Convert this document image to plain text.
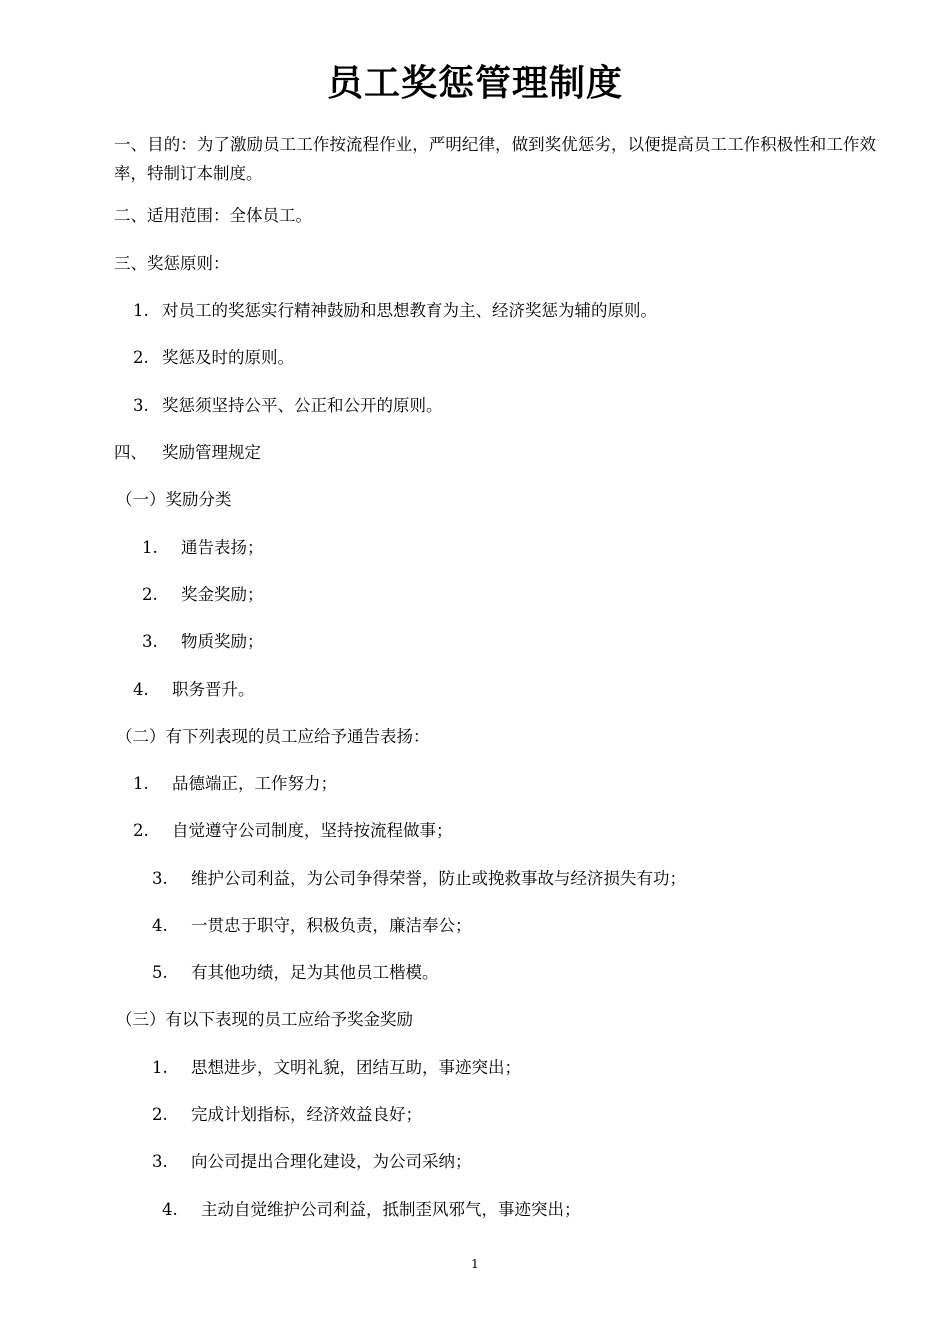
员工奖惩管理制度
一、目的：为了激励员工工作按流程作业，严明纪律，做到奖优惩劣，以便提高员工工作积极性和工作效率，特制订本制度。
二、适用范围：全体员工。
三、奖惩原则：
1. 对员工的奖惩实行精神鼓励和思想教育为主、经济奖惩为辅的原则。
2. 奖惩及时的原则。
3. 奖惩须坚持公平、公正和公开的原则。
四、 奖励管理规定
（一）奖励分类
1. 通告表扬；
2. 奖金奖励；
3. 物质奖励；
4. 职务晋升。
（二）有下列表现的员工应给予通告表扬：
1. 品德端正，工作努力；
2. 自觉遵守公司制度，坚持按流程做事；
3. 维护公司利益，为公司争得荣誉，防止或挽救事故与经济损失有功；
4. 一贯忠于职守，积极负责，廉洁奉公；
5. 有其他功绩，足为其他员工楷模。
（三）有以下表现的员工应给予奖金奖励
1. 思想进步，文明礼貌，团结互助，事迹突出；
2. 完成计划指标，经济效益良好；
3. 向公司提出合理化建设，为公司采纳；
4. 主动自觉维护公司利益，抵制歪风邪气，事迹突出；
1
